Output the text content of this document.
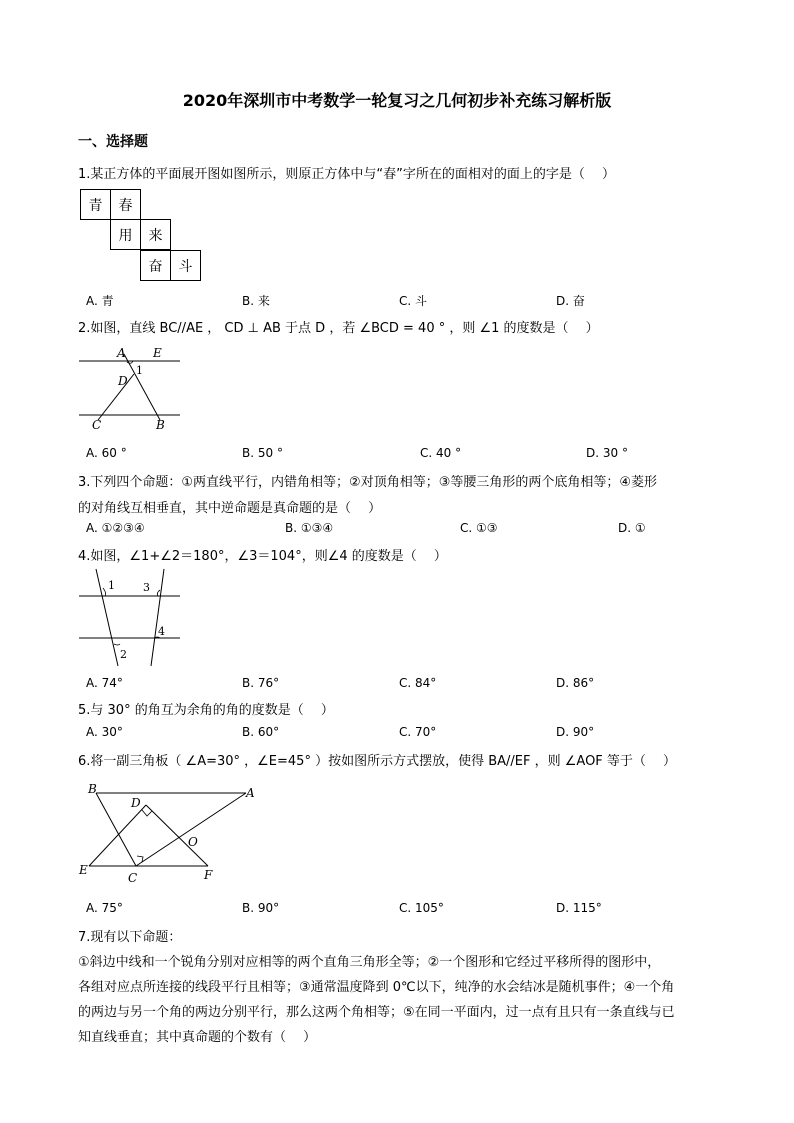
2020年深圳市中考数学一轮复习之几何初步补充练习解析版
一、选择题
1.某正方体的平面展开图如图所示，则原正方体中与“春”字所在的面相对的面上的字是（　 ）
青	春
用	来
奋	斗
A. 青	B. 来	C. 斗	D. 奋
2.如图，直线 BC//AE ， CD ⊥ AB 于点 D ，若 ∠BCD = 40 ° ，则 ∠1 的度数是（　 ）
A E
D
1
C	B
A. 60 °	B. 50 °	C. 40 °	D. 30 °
3.下列四个命题：①两直线平行，内错角相等；②对顶角相等；③等腰三角形的两个底角相等；④菱形
的对角线互相垂直，其中逆命题是真命题的是（　 ）
A. ①②③④	B. ①③④	C. ①③	D. ①
4.如图，∠1+∠2＝180°，∠3＝104°，则∠4 的度数是（　 ）
1	3
4
2
A. 74°	B. 76°	C. 84°	D. 86°
5.与 30° 的角互为余角的角的度数是（　 ）
A. 30°	B. 60°	C. 70°	D. 90°
6.将一副三角板（ ∠A=30° ，∠E=45° ）按如图所示方式摆放，使得 BA//EF ，则 ∠AOF 等于（　 ）
B
D
A
O
E
C	F
A. 75°	B. 90°	C. 105°	D. 115°
7.现有以下命题：
①斜边中线和一个锐角分别对应相等的两个直角三角形全等；②一个图形和它经过平移所得的图形中，
各组对应点所连接的线段平行且相等；③通常温度降到 0℃以下，纯净的水会结冰是随机事件；④一个角
的两边与另一个角的两边分别平行，那么这两个角相等；⑤在同一平面内，过一点有且只有一条直线与已
知直线垂直；其中真命题的个数有（　 ）
